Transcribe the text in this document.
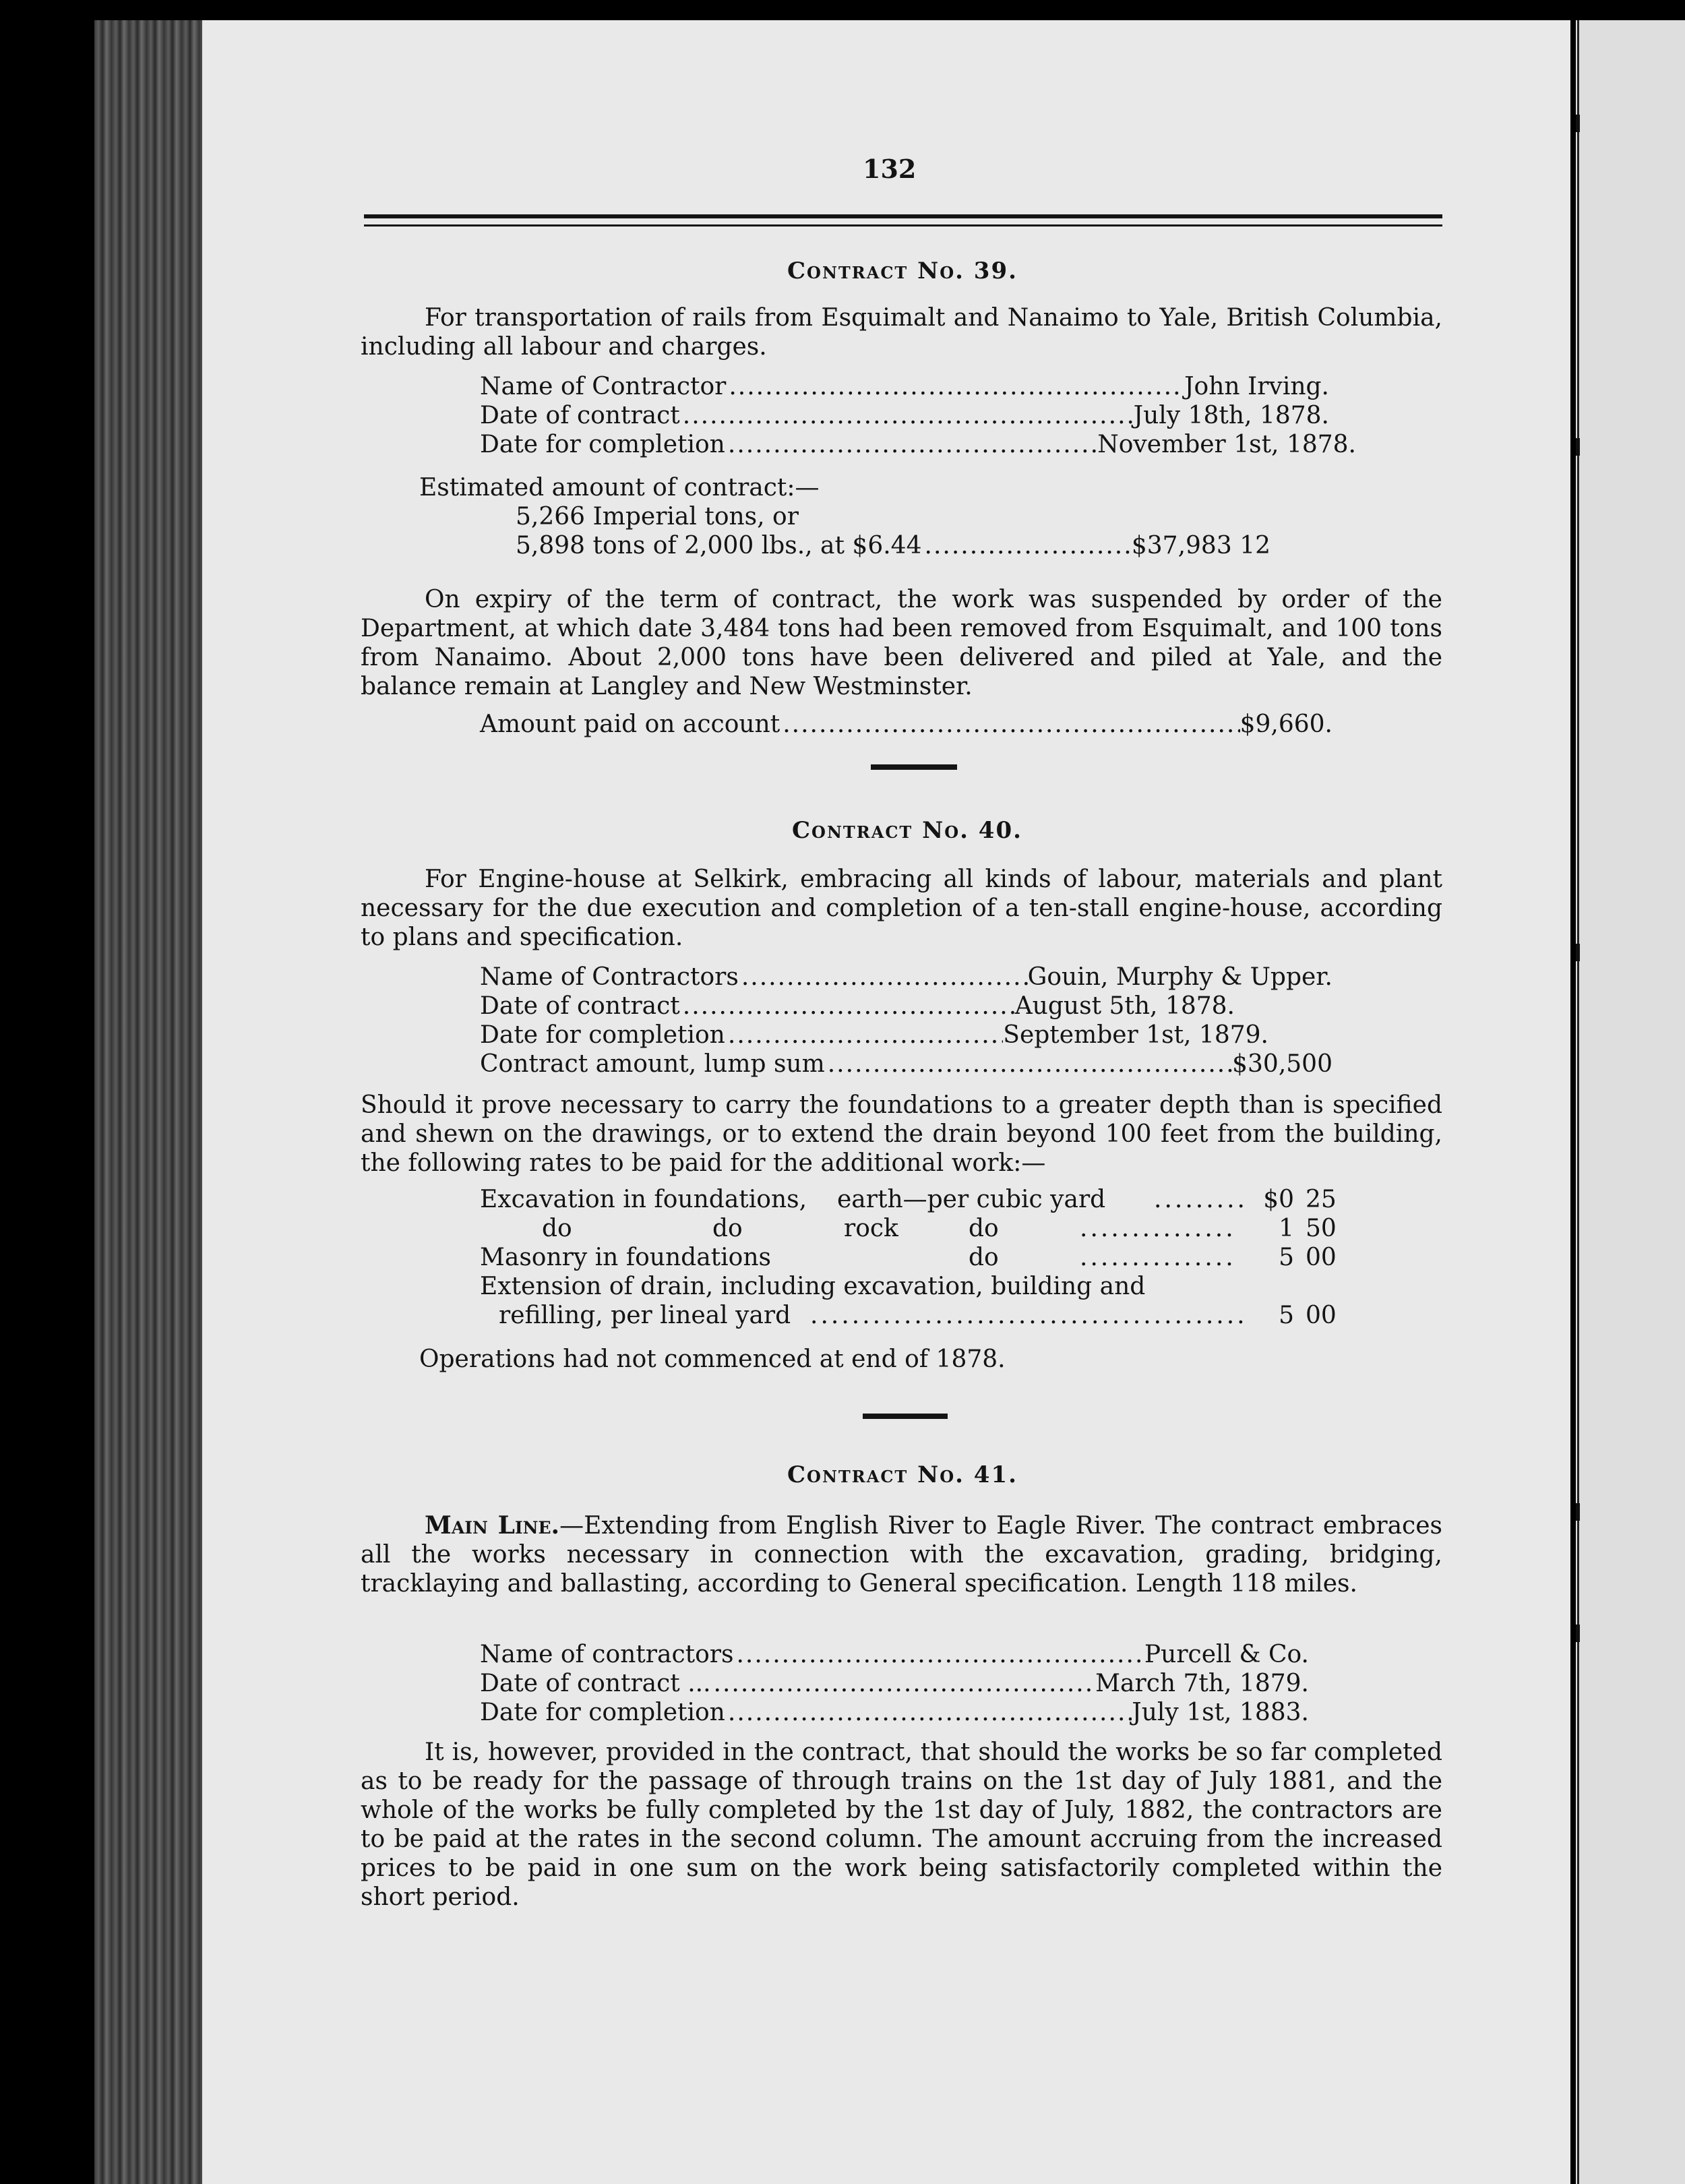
132
Contract No. 39.
For transportation of rails from Esquimalt and Nanaimo to Yale, British Columbia, including all labour and charges.
Name of Contractor .....	John Irving.
Date of contract .....	July 18th, 1878.
Date for completion .....	November 1st, 1878.
Estimated amount of contract:—
5,266 Imperial tons, or
5,898 tons of 2,000 lbs., at $6.44 .....	$37,983 12
On expiry of the term of contract, the work was suspended by order of the Department, at which date 3,484 tons had been removed from Esquimalt, and 100 tons from Nanaimo. About 2,000 tons have been delivered and piled at Yale, and the balance remain at Langley and New Westminster.
Amount paid on account .....	$9,660.
Contract No. 40.
For Engine-house at Selkirk, embracing all kinds of labour, materials and plant necessary for the due execution and completion of a ten-stall engine-house, according to plans and specification.
Name of Contractors .....	Gouin, Murphy & Upper.
Date of contract .....	August 5th, 1878.
Date for completion .....	September 1st, 1879.
Contract amount, lump sum .....	$30,500
Should it prove necessary to carry the foundations to a greater depth than is specified and shewn on the drawings, or to extend the drain beyond 100 feet from the building, the following rates to be paid for the additional work:—
Excavation in foundations, earth—per cubic yard ......... $0 25
do	do	rock	do	...............	1 50
Masonry in foundations	do	...............	5 00
Extension of drain, including excavation, building and
refilling, per lineal yard ..........................................	5 00
Operations had not commenced at end of 1878.
Contract No. 41.
Main Line.—Extending from English River to Eagle River. The contract embraces all the works necessary in connection with the excavation, grading, bridging, tracklaying and ballasting, according to General specification. Length 118 miles.
Name of contractors .....	Purcell & Co.
Date of contract ... .....	March 7th, 1879.
Date for completion .....	July 1st, 1883.
It is, however, provided in the contract, that should the works be so far completed as to be ready for the passage of through trains on the 1st day of July 1881, and the whole of the works be fully completed by the 1st day of July, 1882, the contractors are to be paid at the rates in the second column. The amount accruing from the increased prices to be paid in one sum on the work being satisfactorily completed within the short period.
